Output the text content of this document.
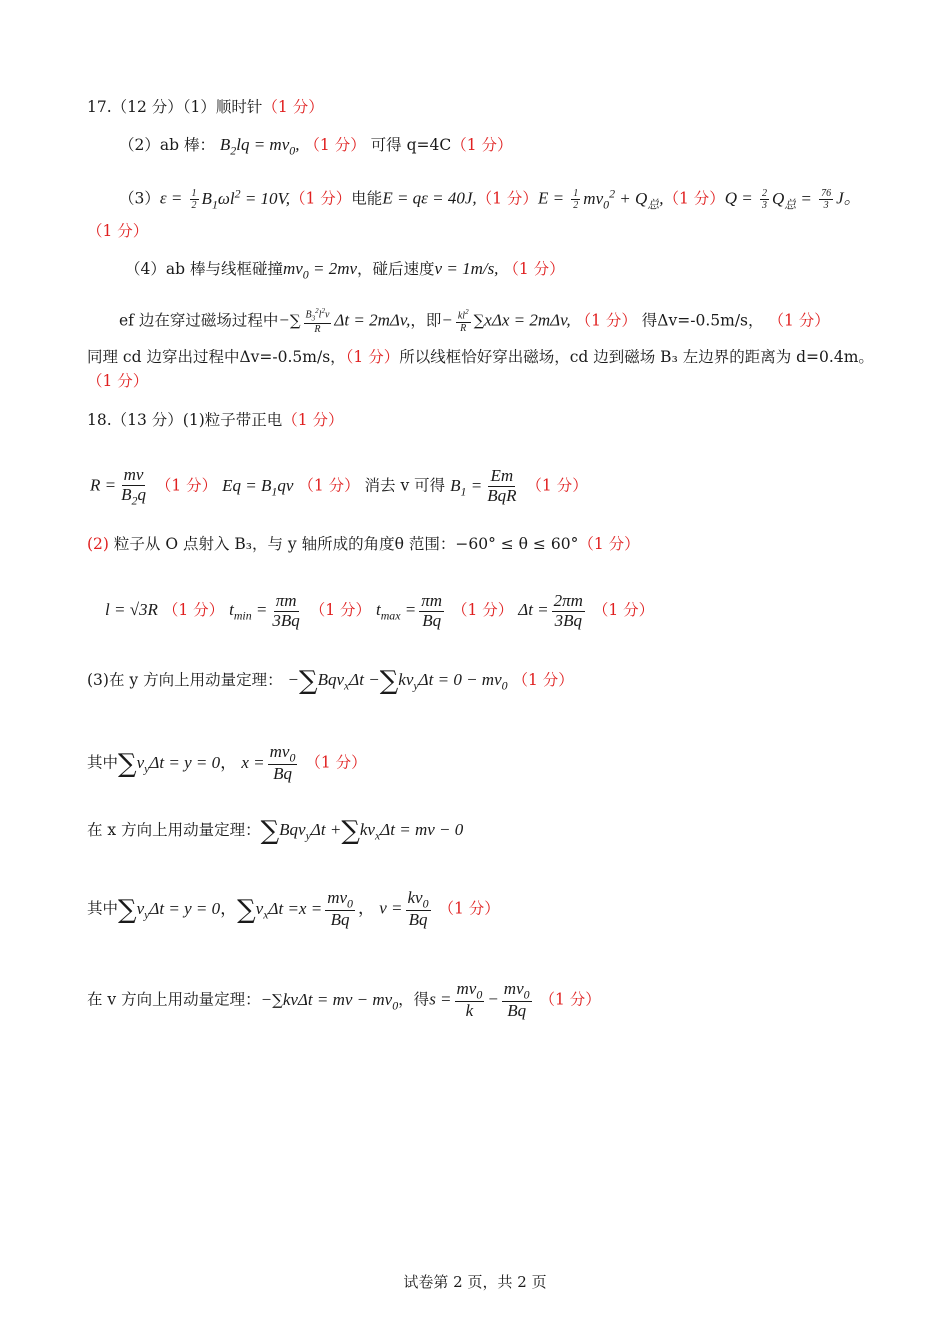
17.（12 分）（1）顺时针（1 分）
（2）ab 棒： $B_2lq = mv_0$, （1 分） 可得 q=4C（1 分）
$(3)\varepsilon = \frac{1}{2} B_1\omega l^2 = 10V,(1$ 分）电能E = qε = 40J,（1 分）$E = \frac{1}{2} mv_0^2 + Q_总,(1$ 分）$Q = \frac{2}{3} Q_总 = \frac{76}{3}$ J。
（1 分）
（4）ab 棒与线框碰撞$mv_0 = 2mv$，碰后速度v = 1m/s, （1 分）
ef 边在穿过磁场过程中−∑ $\frac{B_3^2l^2v}{R}$ Δt = 2mΔv,，即− $\frac{kl^2}{R} \sum x\Delta x = 2m\Delta v$, （1 分） 得Δv=-0.5m/s， （1 分）
同理 cd 边穿出过程中Δv=-0.5m/s，（1 分）所以线框恰好穿出磁场，cd 边到磁场 B₃ 左边界的距离为 d=0.4m。
（1 分）
18.（13 分）(1)粒子带正电（1 分）
$R = \frac{mv}{B_2q} (1$ 分） $Eq = B_1qv$ （1 分） 消去 v 可得 $B_1 = \frac{Em}{\text{BqR}} (1$ 分）
(2) 粒子从 O 点射入 B₃，与 y 轴所成的角度θ 范围：−60° ≤ θ ≤ 60°（1 分）
l = √3R （1 分） $t_{min} = \frac{\pi m}{3Bq} (1$ 分） $t_{max} = \frac{\pi m}{Bq} (1$ 分） $\Delta t = \frac{2\pi m}{3Bq} (1$ 分）
(3)在 y 方向上用动量定理： $-\sum Bqv_x\Delta t -\sum kv_y\Delta t = 0 - mv_0$ （1 分）
其中$\sum v_y\Delta t = y = 0$， $x = \frac{mv_0}{Bq} (1$ 分）
在 x 方向上用动量定理：$\sum Bqv_y\Delta t +\sum kv_x\Delta t$ = mv − 0
其中$\sum v_y\Delta t = y = 0$，$\sum v_x\Delta t =x = \frac{mv_0}{Bq}$ ， $v = \frac{kv_0}{Bq} (1$ 分）
在 v 方向上用动量定理：−∑kvΔt = mv − $mv_0$，得$s = \frac{mv_0}{k} - \frac{mv_0}{Bq} (1$ 分）
试卷第 2 页，共 2 页
